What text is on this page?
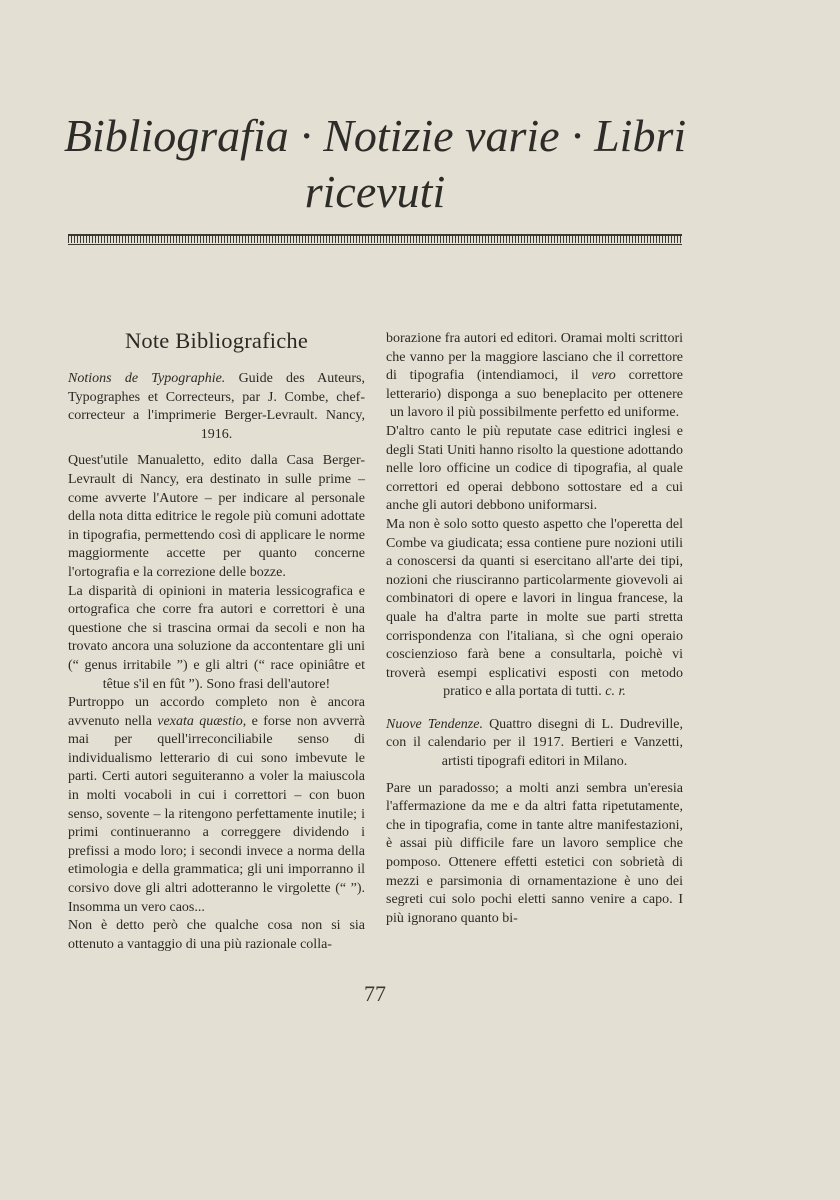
Bibliografia · Notizie varie · Libri ricevuti
Note Bibliografiche

Notions de Typographie. Guide des Auteurs, Typographes et Correcteurs, par J. Combe, chef-correcteur a l'imprimerie Berger-Levrault. Nancy, 1916.

Quest'utile Manualetto, edito dalla Casa Berger-Levrault di Nancy, era destinato in sulle prime – come avverte l'Autore – per indicare al personale della nota ditta editrice le regole più comuni adottate in tipografia, permettendo così di applicare le norme maggiormente accette per quanto concerne l'ortografia e la correzione delle bozze.

La disparità di opinioni in materia lessicografica e ortografica che corre fra autori e correttori è una questione che si trascina ormai da secoli e non ha trovato ancora una soluzione da accontentare gli uni (“ genus irritabile ”) e gli altri (“ race opiniâtre et têtue s'il en fût ”). Sono frasi dell'autore!

Purtroppo un accordo completo non è ancora avvenuto nella vexata quæstio, e forse non avverrà mai per quell'irreconciliabile senso di individualismo letterario di cui sono imbevute le parti. Certi autori seguiteranno a voler la maiuscola in molti vocaboli in cui i correttori – con buon senso, sovente – la ritengono perfettamente inutile; i primi continueranno a correggere dividendo i prefissi a modo loro; i secondi invece a norma della etimologia e della grammatica; gli uni imporranno il corsivo dove gli altri adotteranno le virgolette (“ ”). Insomma un vero caos...

Non è detto però che qualche cosa non si sia ottenuto a vantaggio di una più razionale colla-

borazione fra autori ed editori. Oramai molti scrittori che vanno per la maggiore lasciano che il correttore di tipografia (intendiamoci, il vero correttore letterario) disponga a suo beneplacito per ottenere un lavoro il più possibilmente perfetto ed uniforme.

D'altro canto le più reputate case editrici inglesi e degli Stati Uniti hanno risolto la questione adottando nelle loro officine un codice di tipografia, al quale correttori ed operai debbono sottostare ed a cui anche gli autori debbono uniformarsi.

Ma non è solo sotto questo aspetto che l'operetta del Combe va giudicata; essa contiene pure nozioni utili a conoscersi da quanti si esercitano all'arte dei tipi, nozioni che riusciranno particolarmente giovevoli ai combinatori di opere e lavori in lingua francese, la quale ha d'altra parte in molte sue parti stretta corrispondenza con l'italiana, sì che ogni operaio coscienzioso farà bene a consultarla, poichè vi troverà esempi esplicativi esposti con metodo pratico e alla portata di tutti. c. r.

Nuove Tendenze. Quattro disegni di L. Dudreville, con il calendario per il 1917. Bertieri e Vanzetti, artisti tipografi editori in Milano.

Pare un paradosso; a molti anzi sembra un'eresia l'affermazione da me e da altri fatta ripetutamente, che in tipografia, come in tante altre manifestazioni, è assai più difficile fare un lavoro semplice che pomposo. Ottenere effetti estetici con sobrietà di mezzi e parsimonia di ornamentazione è uno dei segreti cui solo pochi eletti sanno venire a capo. I più ignorano quanto bi-

77
